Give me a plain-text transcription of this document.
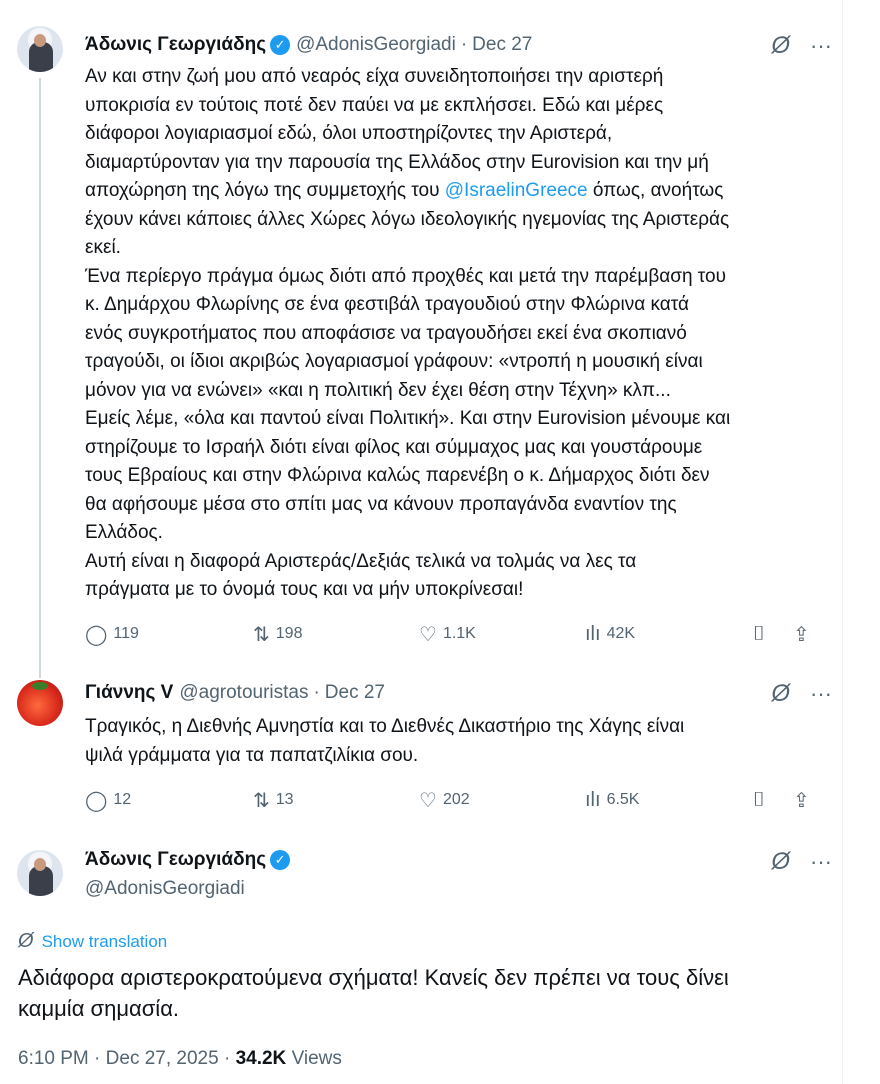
Άδωνις Γεωργιάδης ✓ @AdonisGeorgiadi · Dec 27	Ø ···
Αν και στην ζωή μου από νεαρός είχα συνειδητοποιήσει την αριστερή
υποκρισία εν τούτοις ποτέ δεν παύει να με εκπλήσσει. Εδώ και μέρες
διάφοροι λογιαριασμοί εδώ, όλοι υποστηρίζοντες την Αριστερά,
διαμαρτύρονταν για την παρουσία της Ελλάδος στην Eurovision και την μή
αποχώρηση της λόγω της συμμετοχής του @IsraelinGreece όπως, ανοήτως
έχουν κάνει κάποιες άλλες Χώρες λόγω ιδεολογικής ηγεμονίας της Αριστεράς
εκεί.
Ένα περίεργο πράγμα όμως διότι από προχθές και μετά την παρέμβαση του
κ. Δημάρχου Φλωρίνης σε ένα φεστιβάλ τραγουδιού στην Φλώρινα κατά
ενός συγκροτήματος που αποφάσισε να τραγουδήσει εκεί ένα σκοπιανό
τραγούδι, οι ίδιοι ακριβώς λογαριασμοί γράφουν: «ντροπή η μουσική είναι
μόνον για να ενώνει» «και η πολιτική δεν έχει θέση στην Τέχνη» κλπ...
Εμείς λέμε, «όλα και παντού είναι Πολιτική». Και στην Eurovision μένουμε και
στηρίζουμε το Ισραήλ διότι είναι φίλος και σύμμαχος μας και γουστάρουμε
τους Εβραίους και στην Φλώρινα καλώς παρενέβη ο κ. Δήμαρχος διότι δεν
θα αφήσουμε μέσα στο σπίτι μας να κάνουν προπαγάνδα εναντίον της
Ελλάδος.
Αυτή είναι η διαφορά Αριστεράς/Δεξιάς τελικά να τολμάς να λες τα
πράγματα με το όνομά τους και να μήν υποκρίνεσαι!
◯ 119	⇅ 198	♡ 1.1K	ılı 42K	⌷ ⇪
Γιάννης V @agrotouristas · Dec 27	Ø ···
Τραγικός, η Διεθνής Αμνηστία και το Διεθνές Δικαστήριο της Χάγης είναι
ψιλά γράμματα για τα παπατζιλίκια σου.
◯ 12	⇅ 13	♡ 202	ılı 6.5K	⌷ ⇪
Άδωνις Γεωργιάδης ✓
@AdonisGeorgiadi
Ø ···
Ø Show translation
Αδιάφορα αριστεροκρατούμενα σχήματα! Κανείς δεν πρέπει να τους δίνει
καμμία σημασία.
6:10 PM · Dec 27, 2025 · 34.2K Views
